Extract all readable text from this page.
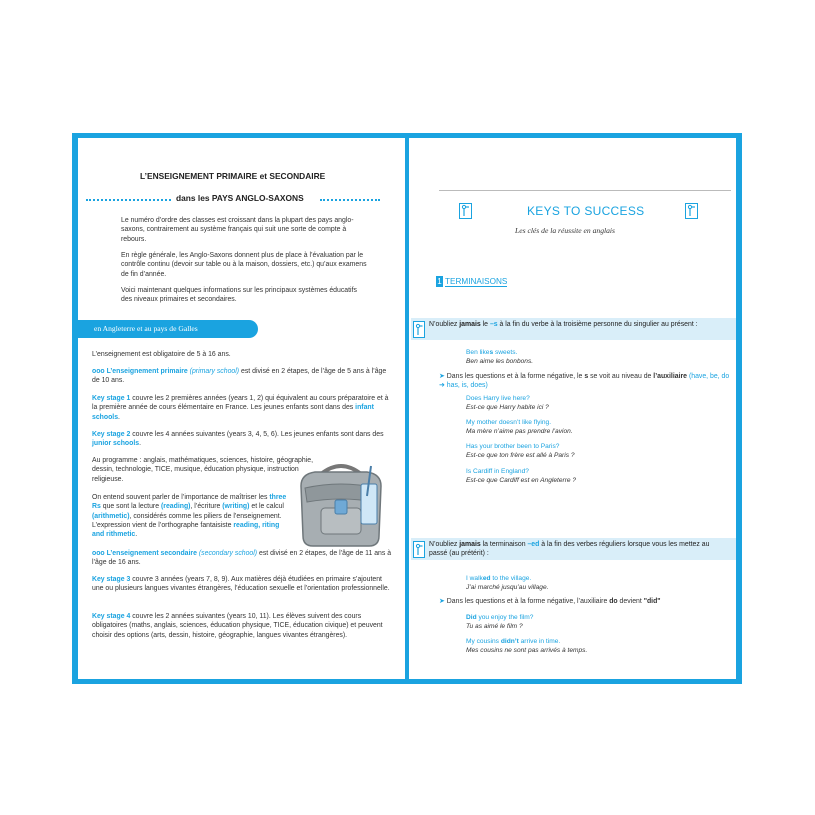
L’ENSEIGNEMENT PRIMAIRE et SECONDAIRE
dans les PAYS ANGLO-SAXONS
Le numéro d’ordre des classes est croissant dans la plupart des pays anglo-saxons, contrairement au système français qui suit une sorte de compte à rebours.
En règle générale, les Anglo-Saxons donnent plus de place à l’évaluation par le contrôle continu (devoir sur table ou à la maison, dossiers, etc.) qu’aux examens de fin d’année.
Voici maintenant quelques informations sur les principaux systèmes éducatifs des niveaux primaires et secondaires.
en Angleterre et au pays de Galles
L’enseignement est obligatoire de 5 à 16 ans.
ooo L’enseignement primaire (primary school) est divisé en 2 étapes, de l’âge de 5 ans à l’âge de 10 ans.
Key stage 1 couvre les 2 premières années (years 1, 2) qui équivalent au cours préparatoire et à la première année de cours élémentaire en France. Les jeunes enfants sont dans des infant schools.
Key stage 2 couvre les 4 années suivantes (years 3, 4, 5, 6). Les jeunes enfants sont dans des junior schools.
Au programme : anglais, mathématiques, sciences, histoire, géographie, dessin, technologie, TICE, musique, éducation physique, instruction religieuse.
On entend souvent parler de l’importance de maîtriser les three Rs que sont la lecture (reading), l’écriture (writing) et le calcul (arithmetic), considérés comme les piliers de l’enseignement. L’expression vient de l’orthographe fantaisiste reading, riting and rithmetic.
ooo L’enseignement secondaire (secondary school) est divisé en 2 étapes, de l’âge de 11 ans à l’âge de 16 ans.
Key stage 3 couvre 3 années (years 7, 8, 9). Aux matières déjà étudiées en primaire s’ajoutent une ou plusieurs langues vivantes étrangères, l’éducation sexuelle et l’orientation professionnelle.
Key stage 4 couvre les 2 années suivantes (years 10, 11). Les élèves suivent des cours obligatoires (maths, anglais, sciences, éducation physique, TICE, éducation civique) et peuvent choisir des options (arts, dessin, histoire, géographie, langues vivantes étrangères).
KEYS TO SUCCESS
Les clés de la réussite en anglais
1 TERMINAISONS
N’oubliez jamais le –s à la fin du verbe à la troisième personne du singulier au présent :
Ben likes sweets.
Ben aime les bonbons.
➤ Dans les questions et à la forme négative, le s se voit au niveau de l’auxiliaire (have, be, do ➜ has, is, does)
Does Harry live here?
Est-ce que Harry habite ici ?
My mother doesn’t like flying.
Ma mère n’aime pas prendre l’avion.
Has your brother been to Paris?
Est-ce que ton frère est allé à Paris ?
Is Cardiff in England?
Est-ce que Cardiff est en Angleterre ?
N’oubliez jamais la terminaison –ed à la fin des verbes réguliers lorsque vous les mettez au passé (au prétérit) :
I walked to the village.
J’ai marché jusqu’au village.
➤ Dans les questions et à la forme négative, l’auxiliaire do devient "did"
Did you enjoy the film?
Tu as aimé le film ?
My cousins didn’t arrive in time.
Mes cousins ne sont pas arrivés à temps.
